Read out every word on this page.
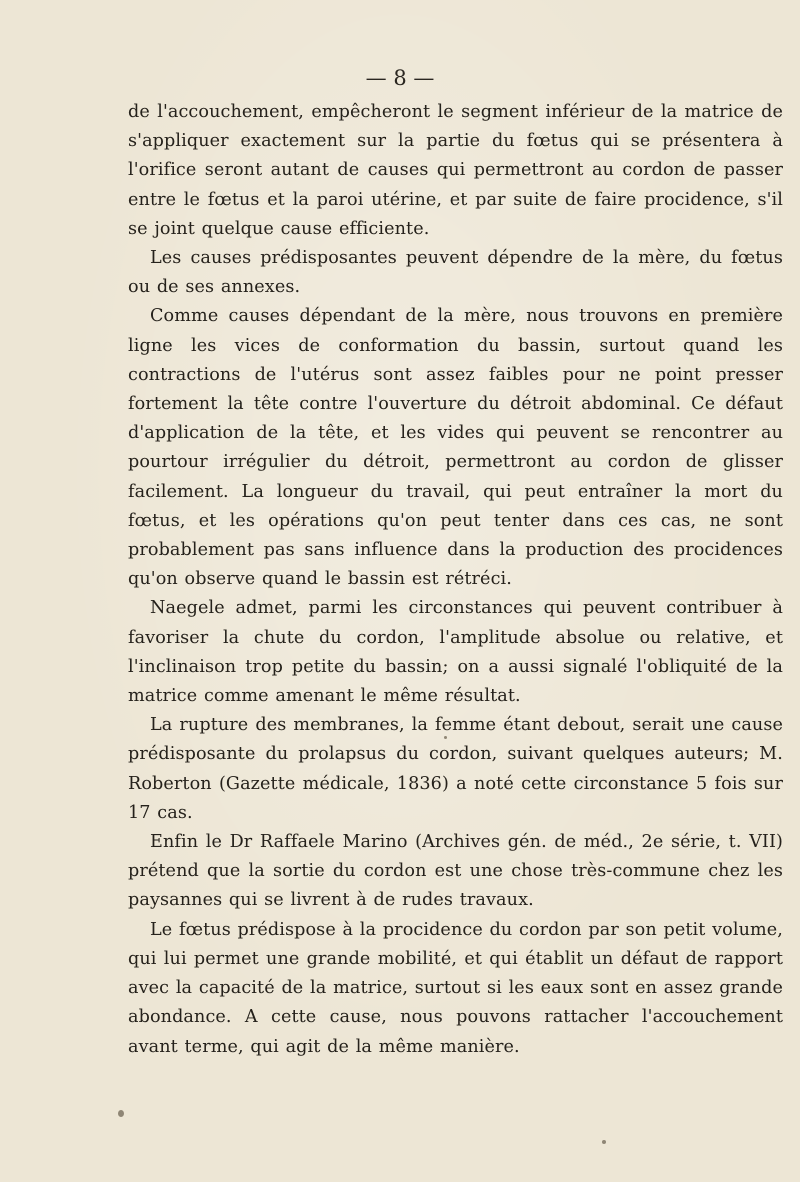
— 8 —

de l'accouchement, empêcheront le segment inférieur de la matrice de s'appliquer exactement sur la partie du fœtus qui se présentera à l'orifice seront autant de causes qui permettront au cordon de passer entre le fœtus et la paroi utérine, et par suite de faire procidence, s'il se joint quelque cause efficiente.

Les causes prédisposantes peuvent dépendre de la mère, du fœtus ou de ses annexes.

Comme causes dépendant de la mère, nous trouvons en première ligne les vices de conformation du bassin, surtout quand les contractions de l'utérus sont assez faibles pour ne point presser fortement la tête contre l'ouverture du détroit abdominal. Ce défaut d'application de la tête, et les vides qui peuvent se rencontrer au pourtour irrégulier du détroit, permettront au cordon de glisser facilement. La longueur du travail, qui peut entraîner la mort du fœtus, et les opérations qu'on peut tenter dans ces cas, ne sont probablement pas sans influence dans la production des procidences qu'on observe quand le bassin est rétréci.

Naegele admet, parmi les circonstances qui peuvent contribuer à favoriser la chute du cordon, l'amplitude absolue ou relative, et l'inclinaison trop petite du bassin; on a aussi signalé l'obliquité de la matrice comme amenant le même résultat.

La rupture des membranes, la femme étant debout, serait une cause prédisposante du prolapsus du cordon, suivant quelques auteurs; M. Roberton (Gazette médicale, 1836) a noté cette circonstance 5 fois sur 17 cas.

Enfin le Dr Raffaele Marino (Archives gén. de méd., 2e série, t. VII) prétend que la sortie du cordon est une chose très-commune chez les paysannes qui se livrent à de rudes travaux.

Le fœtus prédispose à la procidence du cordon par son petit volume, qui lui permet une grande mobilité, et qui établit un défaut de rapport avec la capacité de la matrice, surtout si les eaux sont en assez grande abondance. A cette cause, nous pouvons rattacher l'accouchement avant terme, qui agit de la même manière.
